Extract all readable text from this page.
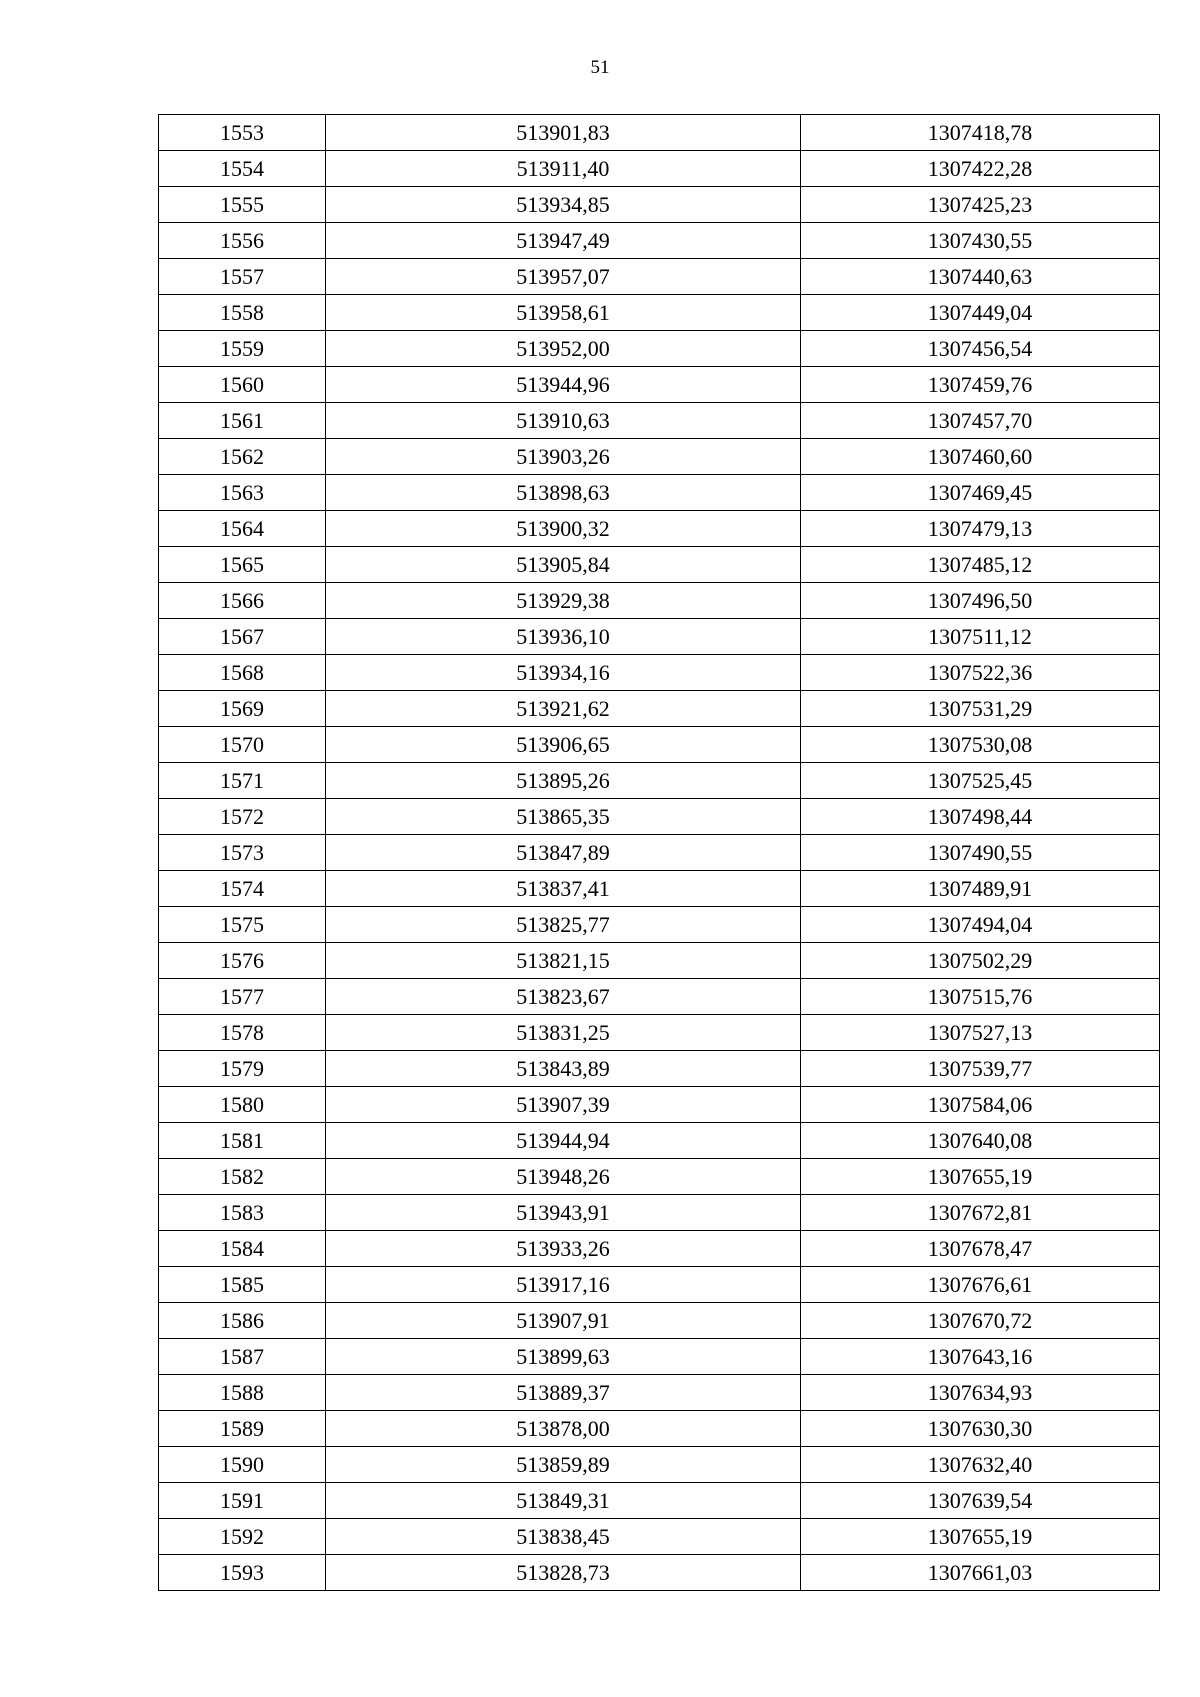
51
1553	513901,83	1307418,78
1554	513911,40	1307422,28
1555	513934,85	1307425,23
1556	513947,49	1307430,55
1557	513957,07	1307440,63
1558	513958,61	1307449,04
1559	513952,00	1307456,54
1560	513944,96	1307459,76
1561	513910,63	1307457,70
1562	513903,26	1307460,60
1563	513898,63	1307469,45
1564	513900,32	1307479,13
1565	513905,84	1307485,12
1566	513929,38	1307496,50
1567	513936,10	1307511,12
1568	513934,16	1307522,36
1569	513921,62	1307531,29
1570	513906,65	1307530,08
1571	513895,26	1307525,45
1572	513865,35	1307498,44
1573	513847,89	1307490,55
1574	513837,41	1307489,91
1575	513825,77	1307494,04
1576	513821,15	1307502,29
1577	513823,67	1307515,76
1578	513831,25	1307527,13
1579	513843,89	1307539,77
1580	513907,39	1307584,06
1581	513944,94	1307640,08
1582	513948,26	1307655,19
1583	513943,91	1307672,81
1584	513933,26	1307678,47
1585	513917,16	1307676,61
1586	513907,91	1307670,72
1587	513899,63	1307643,16
1588	513889,37	1307634,93
1589	513878,00	1307630,30
1590	513859,89	1307632,40
1591	513849,31	1307639,54
1592	513838,45	1307655,19
1593	513828,73	1307661,03
